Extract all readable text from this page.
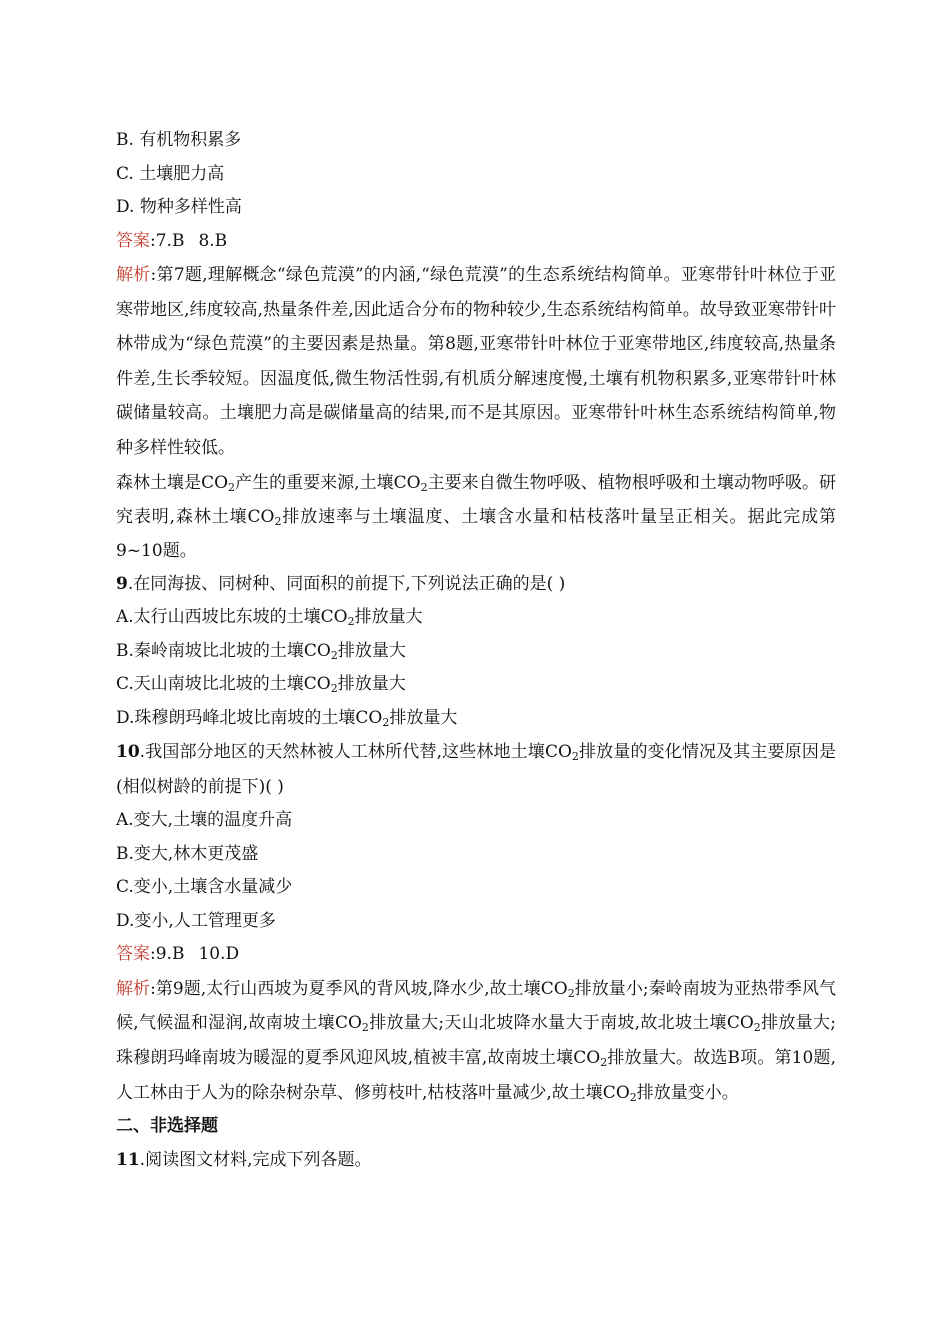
B. 有机物积累多
C. 土壤肥力高
D. 物种多样性高
答案:7.B 8.B
解析:第7题,理解概念“绿色荒漠”的内涵,“绿色荒漠”的生态系统结构简单。亚寒带针叶林位于亚寒带地区,纬度较高,热量条件差,因此适合分布的物种较少,生态系统结构简单。故导致亚寒带针叶林带成为“绿色荒漠”的主要因素是热量。第8题,亚寒带针叶林位于亚寒带地区,纬度较高,热量条件差,生长季较短。因温度低,微生物活性弱,有机质分解速度慢,土壤有机物积累多,亚寒带针叶林碳储量较高。土壤肥力高是碳储量高的结果,而不是其原因。亚寒带针叶林生态系统结构简单,物种多样性较低。
森林土壤是$CO_2$产生的重要来源,土壤$CO_2$主要来自微生物呼吸、植物根呼吸和土壤动物呼吸。研究表明,森林土壤$CO_2$排放速率与土壤温度、土壤含水量和枯枝落叶量呈正相关。据此完成第9~10题。
9.在同海拔、同树种、同面积的前提下,下列说法正确的是( )
A.太行山西坡比东坡的土壤$CO_2$排放量大
B.秦岭南坡比北坡的土壤$CO_2$排放量大
C.天山南坡比北坡的土壤$CO_2$排放量大
D.珠穆朗玛峰北坡比南坡的土壤$CO_2$排放量大
10.我国部分地区的天然林被人工林所代替,这些林地土壤$CO_2$排放量的变化情况及其主要原因是(相似树龄的前提下)( )
A.变大,土壤的温度升高
B.变大,林木更茂盛
C.变小,土壤含水量减少
D.变小,人工管理更多
答案:9.B 10.D
解析:第9题,太行山西坡为夏季风的背风坡,降水少,故土壤$CO_2$排放量小;秦岭南坡为亚热带季风气候,气候温和湿润,故南坡土壤$CO_2$排放量大;天山北坡降水量大于南坡,故北坡土壤$CO_2$排放量大;珠穆朗玛峰南坡为暖湿的夏季风迎风坡,植被丰富,故南坡土壤$CO_2$排放量大。故选B项。第10题,人工林由于人为的除杂树杂草、修剪枝叶,枯枝落叶量减少,故土壤$CO_2$排放量变小。
二、非选择题
11.阅读图文材料,完成下列各题。
